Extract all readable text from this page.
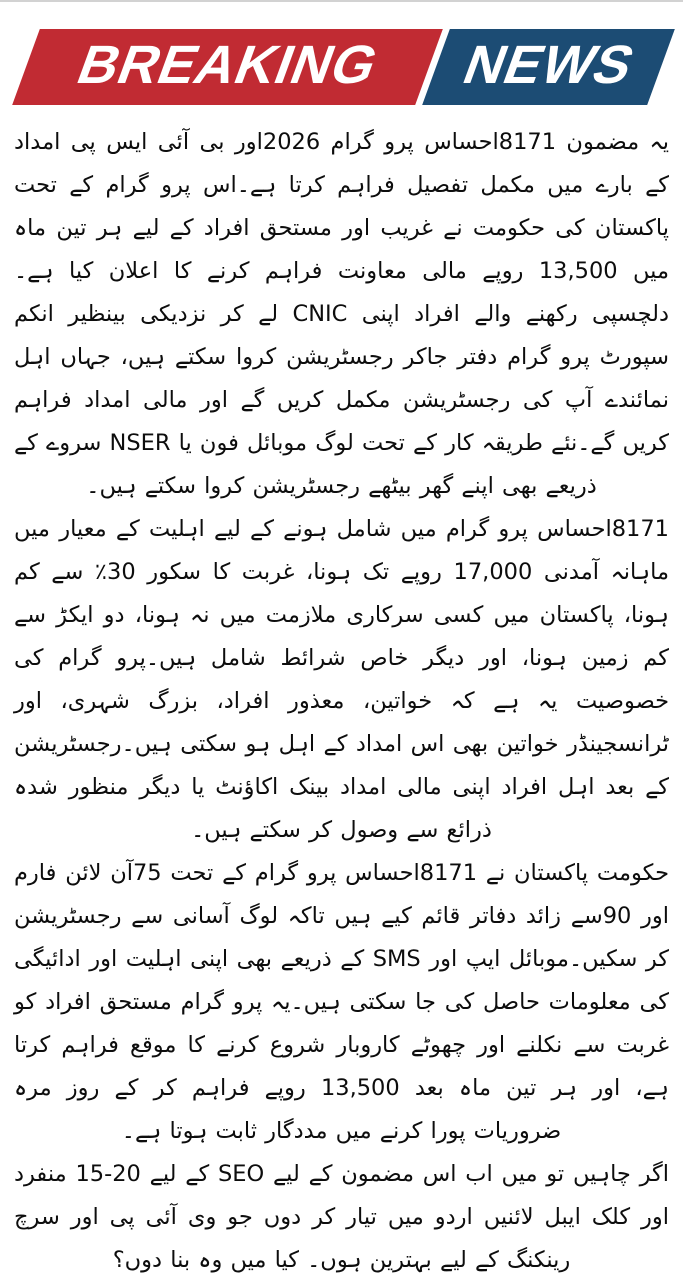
BREAKING NEWS

یہ مضمون 8171احساس پرو گرام 2026اور بی آئی ایس پی امداد کے بارے میں مکمل تفصیل فراہم کرتا ہے۔اس پرو گرام کے تحت پاکستان کی حکومت نے غریب اور مستحق افراد کے لیے ہر تین ماہ میں 13,500 روپے مالی معاونت فراہم کرنے کا اعلان کیا ہے۔دلچسپی رکھنے والے افراد اپنی CNIC لے کر نزدیکی بینظیر انکم سپورٹ پرو گرام دفتر جاکر رجسٹریشن کروا سکتے ہیں، جہاں اہل نمائندے آپ کی رجسٹریشن مکمل کریں گے اور مالی امداد فراہم کریں گے۔نئے طریقہ کار کے تحت لوگ موبائل فون یا NSER سروے کے ذریعے بھی اپنے گھر بیٹھے رجسٹریشن کروا سکتے ہیں۔

8171احساس پرو گرام میں شامل ہونے کے لیے اہلیت کے معیار میں ماہانہ آمدنی 17,000 روپے تک ہونا، غربت کا سکور 30٪ سے کم ہونا، پاکستان میں کسی سرکاری ملازمت میں نہ ہونا، دو ایکڑ سے کم زمین ہونا، اور دیگر خاص شرائط شامل ہیں۔پرو گرام کی خصوصیت یہ ہے کہ خواتین، معذور افراد، بزرگ شہری، اور ٹرانسجینڈر خواتین بھی اس امداد کے اہل ہو سکتی ہیں۔رجسٹریشن کے بعد اہل افراد اپنی مالی امداد بینک اکاؤنٹ یا دیگر منظور شدہ ذرائع سے وصول کر سکتے ہیں۔

حکومت پاکستان نے 8171احساس پرو گرام کے تحت 75آن لائن فارم اور 90سے زائد دفاتر قائم کیے ہیں تاکہ لوگ آسانی سے رجسٹریشن کر سکیں۔موبائل ایپ اور SMS کے ذریعے بھی اپنی اہلیت اور ادائیگی کی معلومات حاصل کی جا سکتی ہیں۔یہ پرو گرام مستحق افراد کو غربت سے نکلنے اور چھوٹے کاروبار شروع کرنے کا موقع فراہم کرتا ہے، اور ہر تین ماہ بعد 13,500 روپے فراہم کر کے روز مرہ ضروریات پورا کرنے میں مددگار ثابت ہوتا ہے۔

اگر چاہیں تو میں اب اس مضمون کے لیے SEO کے لیے 20-15 منفرد اور کلک ایبل لائنیں اردو میں تیار کر دوں جو وی آئی پی اور سرچ رینکنگ کے لیے بہترین ہوں۔ کیا میں وہ بنا دوں؟
